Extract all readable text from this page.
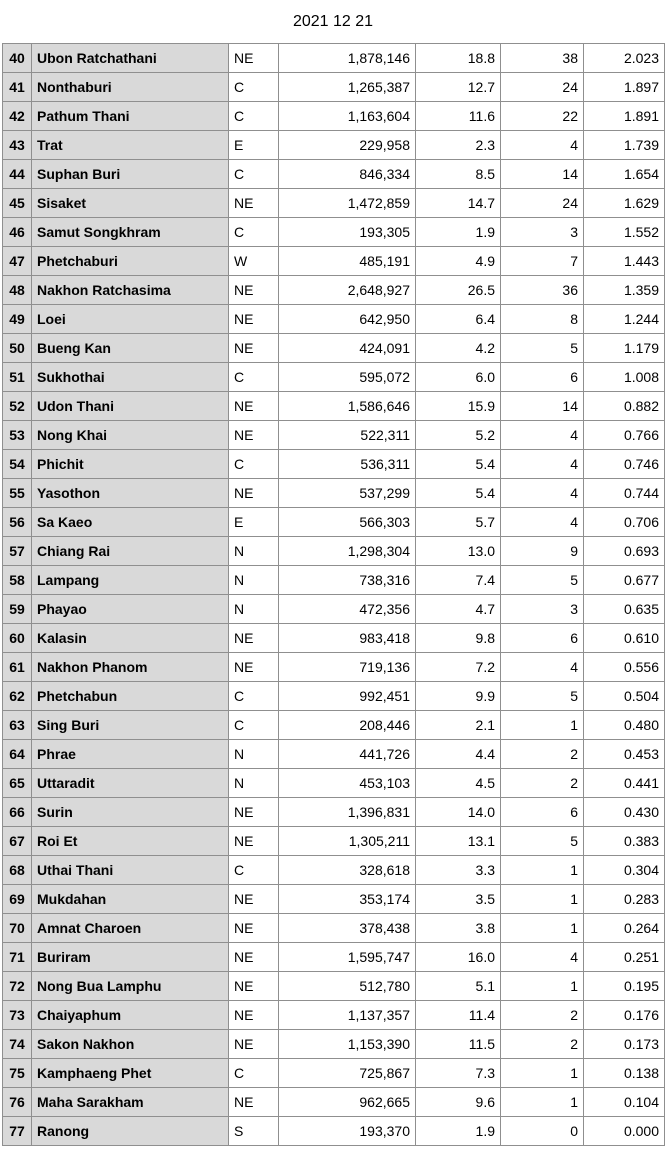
2021 12 21
40	Ubon Ratchathani	NE	1,878,146	18.8	38	2.023
41	Nonthaburi	C	1,265,387	12.7	24	1.897
42	Pathum Thani	C	1,163,604	11.6	22	1.891
43	Trat	E	229,958	2.3	4	1.739
44	Suphan Buri	C	846,334	8.5	14	1.654
45	Sisaket	NE	1,472,859	14.7	24	1.629
46	Samut Songkhram	C	193,305	1.9	3	1.552
47	Phetchaburi	W	485,191	4.9	7	1.443
48	Nakhon Ratchasima	NE	2,648,927	26.5	36	1.359
49	Loei	NE	642,950	6.4	8	1.244
50	Bueng Kan	NE	424,091	4.2	5	1.179
51	Sukhothai	C	595,072	6.0	6	1.008
52	Udon Thani	NE	1,586,646	15.9	14	0.882
53	Nong Khai	NE	522,311	5.2	4	0.766
54	Phichit	C	536,311	5.4	4	0.746
55	Yasothon	NE	537,299	5.4	4	0.744
56	Sa Kaeo	E	566,303	5.7	4	0.706
57	Chiang Rai	N	1,298,304	13.0	9	0.693
58	Lampang	N	738,316	7.4	5	0.677
59	Phayao	N	472,356	4.7	3	0.635
60	Kalasin	NE	983,418	9.8	6	0.610
61	Nakhon Phanom	NE	719,136	7.2	4	0.556
62	Phetchabun	C	992,451	9.9	5	0.504
63	Sing Buri	C	208,446	2.1	1	0.480
64	Phrae	N	441,726	4.4	2	0.453
65	Uttaradit	N	453,103	4.5	2	0.441
66	Surin	NE	1,396,831	14.0	6	0.430
67	Roi Et	NE	1,305,211	13.1	5	0.383
68	Uthai Thani	C	328,618	3.3	1	0.304
69	Mukdahan	NE	353,174	3.5	1	0.283
70	Amnat Charoen	NE	378,438	3.8	1	0.264
71	Buriram	NE	1,595,747	16.0	4	0.251
72	Nong Bua Lamphu	NE	512,780	5.1	1	0.195
73	Chaiyaphum	NE	1,137,357	11.4	2	0.176
74	Sakon Nakhon	NE	1,153,390	11.5	2	0.173
75	Kamphaeng Phet	C	725,867	7.3	1	0.138
76	Maha Sarakham	NE	962,665	9.6	1	0.104
77	Ranong	S	193,370	1.9	0	0.000
